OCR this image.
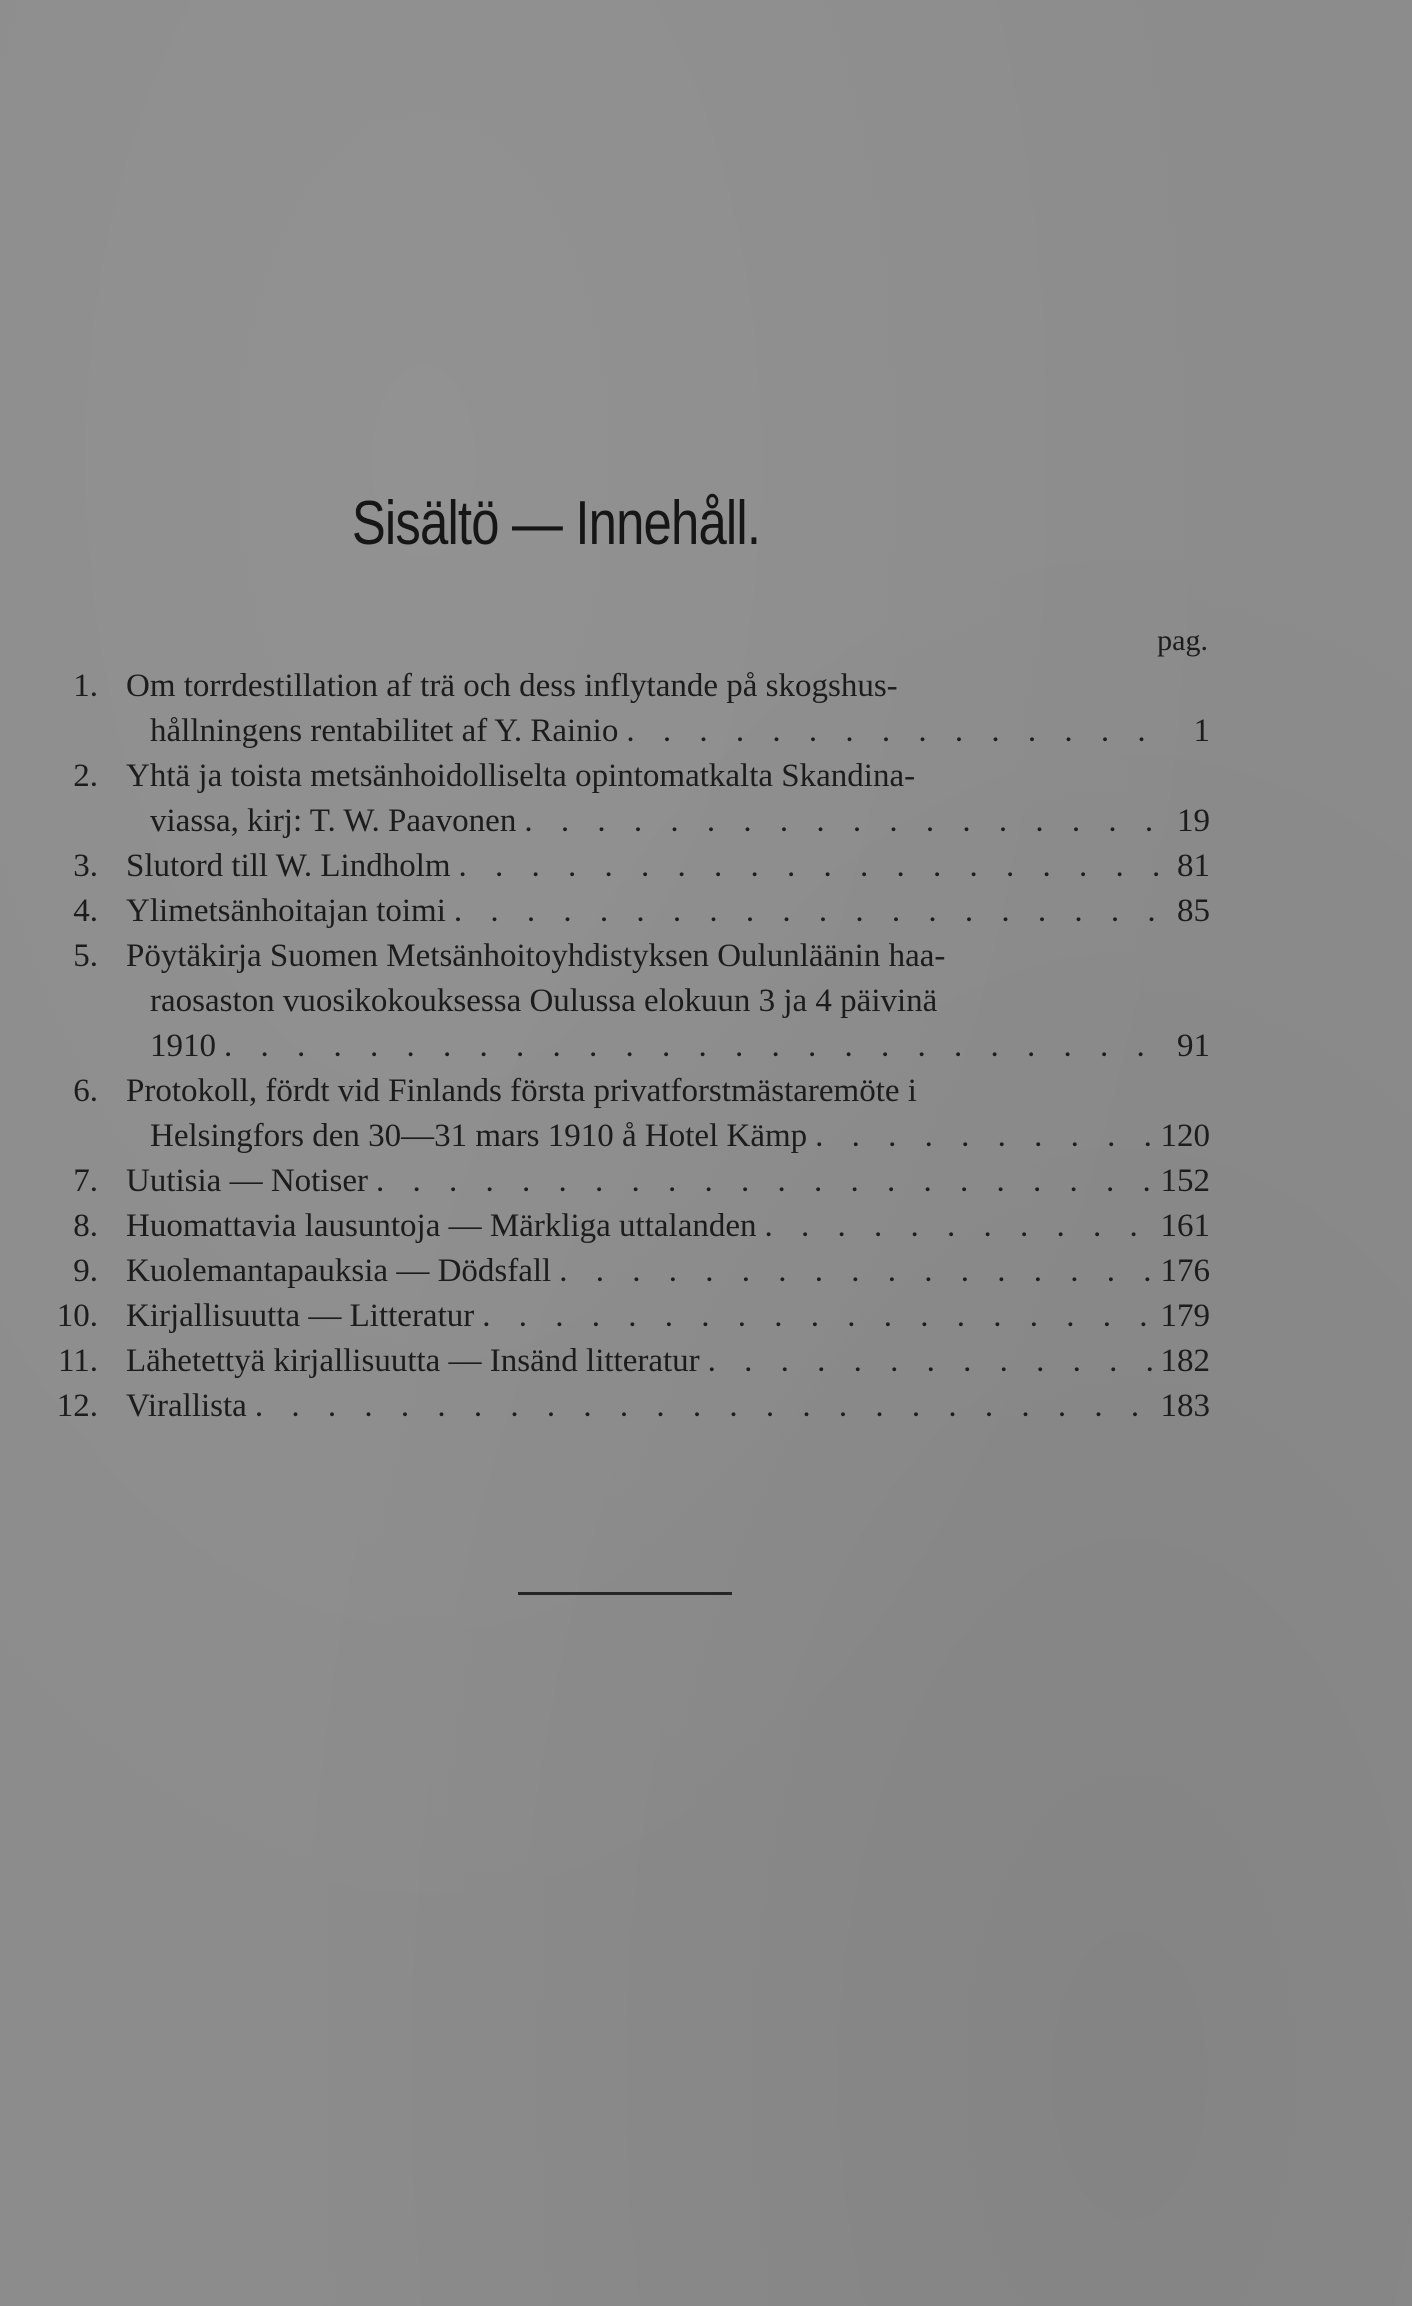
Sisältö — Innehåll.
pag.
1. Om torrdestillation af trä och dess inflytande på skogshus-
hållningens rentabilitet af Y. Rainio . . .	1
2. Yhtä ja toista metsänhoidolliselta opintomatkalta Skandina-
viassa, kirj: T. W. Paavonen . . .	19
3. Slutord till W. Lindholm . . .	81
4. Ylimetsänhoitajan toimi . . .	85
5. Pöytäkirja Suomen Metsänhoitoyhdistyksen Oulunläänin haa-
raosaston vuosikokouksessa Oulussa elokuun 3 ja 4 päivinä
1910 . . .	91
6. Protokoll, fördt vid Finlands första privatforstmästaremöte i
Helsingfors den 30—31 mars 1910 å Hotel Kämp . . .	120
7. Uutisia — Notiser . . .	152
8. Huomattavia lausuntoja — Märkliga uttalanden . . .	161
9. Kuolemantapauksia — Dödsfall . . .	176
10. Kirjallisuutta — Litteratur . . .	179
11. Lähetettyä kirjallisuutta — Insänd litteratur . . .	182
12. Virallista . . .	183
